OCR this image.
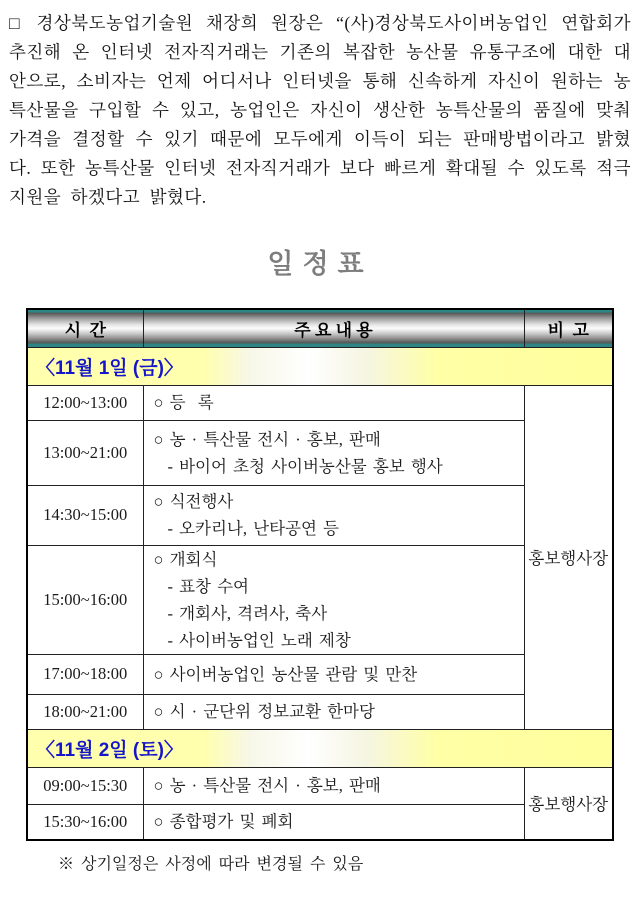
□ 경상북도농업기술원 채장희 원장은 “(사)경상북도사이버농업인 연합회가 추진해 온 인터넷 전자직거래는 기존의 복잡한 농산물 유통구조에 대한 대안으로, 소비자는 언제 어디서나 인터넷을 통해 신속하게 자신이 원하는 농특산물을 구입할 수 있고, 농업인은 자신이 생산한 농특산물의 품질에 맞춰 가격을 결정할 수 있기 때문에 모두에게 이득이 되는 판매방법이라고 밝혔다. 또한 농특산물 인터넷 전자직거래가 보다 빠르게 확대될 수 있도록 적극 지원을 하겠다고 밝혔다.
일정표
시  간	주 요 내 용	비  고
〈11월 1일 (금)〉		
12:00~13:00	○ 등  록	홍보행사장
13:00~21:00	○ 농 · 특산물 전시 · 홍보, 판매
- 바이어 초청 사이버농산물 홍보 행사	

14:30~15:00	○ 식전행사
- 오카리나, 난타공연 등	

15:00~16:00	○ 개회식
- 표창 수여
- 개회사, 격려사, 축사
- 사이버농업인 노래 제창	

17:00~18:00	○ 사이버농업인 농산물 관람 및 만찬	

18:00~21:00	○ 시 · 군단위 정보교환 한마당	

〈11월 2일 (토)〉		
09:00~15:30	○ 농 · 특산물 전시 · 홍보, 판매	홍보행사장
15:30~16:00	○ 종합평가 및 폐회	
※ 상기일정은 사정에 따라 변경될 수 있음
